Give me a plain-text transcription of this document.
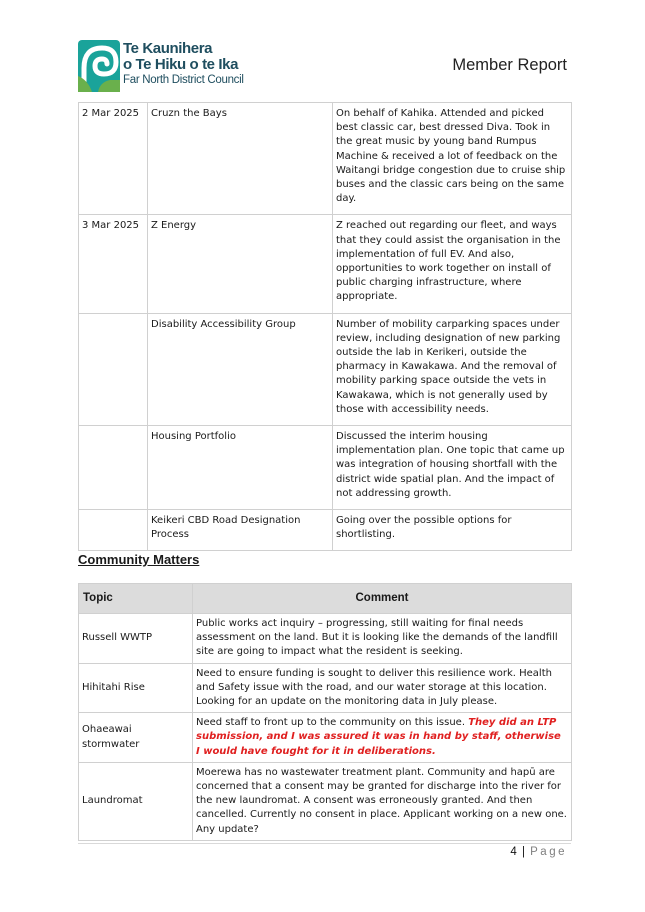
Te Kaunihera
o Te Hiku o te Ika
Far North District Council
Member Report
2 Mar 2025	Cruzn the Bays	On behalf of Kahika. Attended and picked best classic car, best dressed Diva. Took in the great music by young band Rumpus Machine & received a lot of feedback on the Waitangi bridge congestion due to cruise ship buses and the classic cars being on the same day.
3 Mar 2025	Z Energy	Z reached out regarding our fleet, and ways that they could assist the organisation in the implementation of full EV. And also, opportunities to work together on install of public charging infrastructure, where appropriate.
	Disability Accessibility Group	Number of mobility carparking spaces under review, including designation of new parking outside the lab in Kerikeri, outside the pharmacy in Kawakawa. And the removal of mobility parking space outside the vets in Kawakawa, which is not generally used by those with accessibility needs.
	Housing Portfolio	Discussed the interim housing implementation plan. One topic that came up was integration of housing shortfall with the district wide spatial plan. And the impact of not addressing growth.
	Keikeri CBD Road Designation Process	Going over the possible options for shortlisting.
Community Matters
Topic	Comment
Russell WWTP	Public works act inquiry – progressing, still waiting for final needs assessment on the land. But it is looking like the demands of the landfill site are going to impact what the resident is seeking.
Hihitahi Rise	Need to ensure funding is sought to deliver this resilience work. Health and Safety issue with the road, and our water storage at this location. Looking for an update on the monitoring data in July please.
Ohaeawai stormwater	Need staff to front up to the community on this issue. They did an LTP submission, and I was assured it was in hand by staff, otherwise I would have fought for it in deliberations.
Laundromat	Moerewa has no wastewater treatment plant. Community and hapū are concerned that a consent may be granted for discharge into the river for the new laundromat. A consent was erroneously granted. And then cancelled. Currently no consent in place. Applicant working on a new one. Any update?
4 | Page
